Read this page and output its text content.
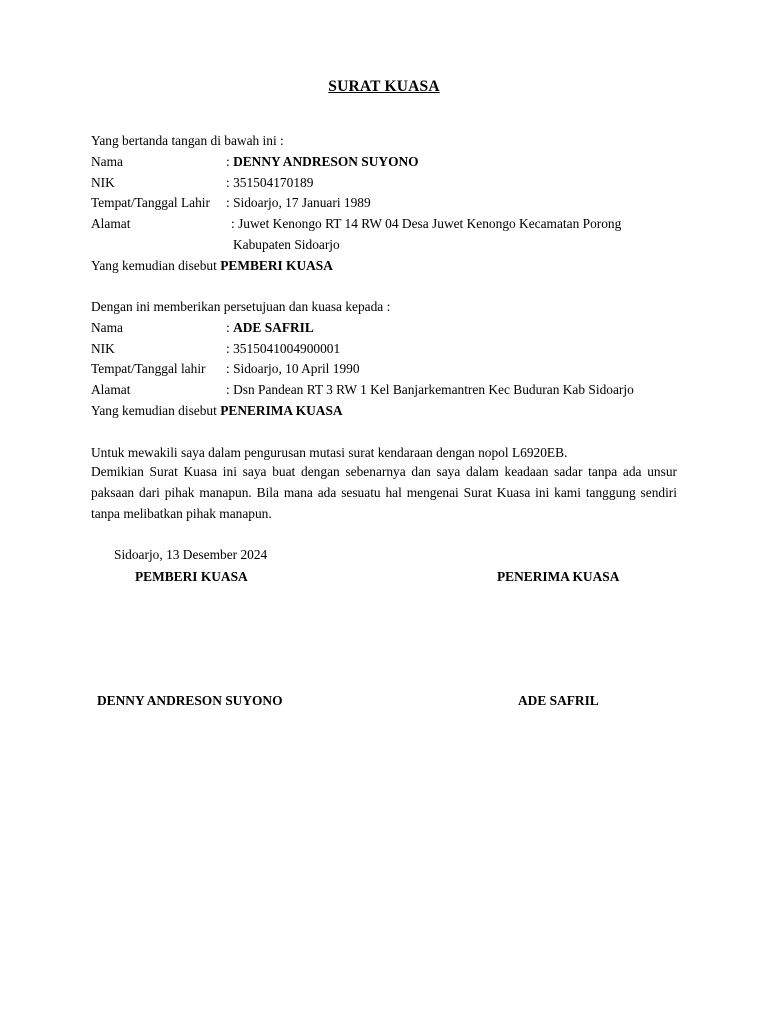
SURAT KUASA
Yang bertanda tangan di bawah ini :
Nama	: DENNY ANDRESON SUYONO
NIK	: 351504170189
Tempat/Tanggal Lahir : Sidoarjo, 17 Januari 1989
Alamat	: Juwet Kenongo RT 14 RW 04 Desa Juwet Kenongo Kecamatan Porong
Kabupaten Sidoarjo
Yang kemudian disebut PEMBERI KUASA
Dengan ini memberikan persetujuan dan kuasa kepada :
Nama	: ADE SAFRIL
NIK	: 3515041004900001
Tempat/Tanggal lahir : Sidoarjo, 10 April 1990
Alamat	: Dsn Pandean RT 3 RW 1 Kel Banjarkemantren Kec Buduran Kab Sidoarjo
Yang kemudian disebut PENERIMA KUASA
Untuk mewakili saya dalam pengurusan mutasi surat kendaraan dengan nopol L6920EB.
Demikian Surat Kuasa ini saya buat dengan sebenarnya dan saya dalam keadaan sadar tanpa ada unsur paksaan dari pihak manapun. Bila mana ada sesuatu hal mengenai Surat Kuasa ini kami tanggung sendiri tanpa melibatkan pihak manapun.
Sidoarjo, 13 Desember 2024
PEMBERI KUASA	PENERIMA KUASA
DENNY ANDRESON SUYONO	ADE SAFRIL
